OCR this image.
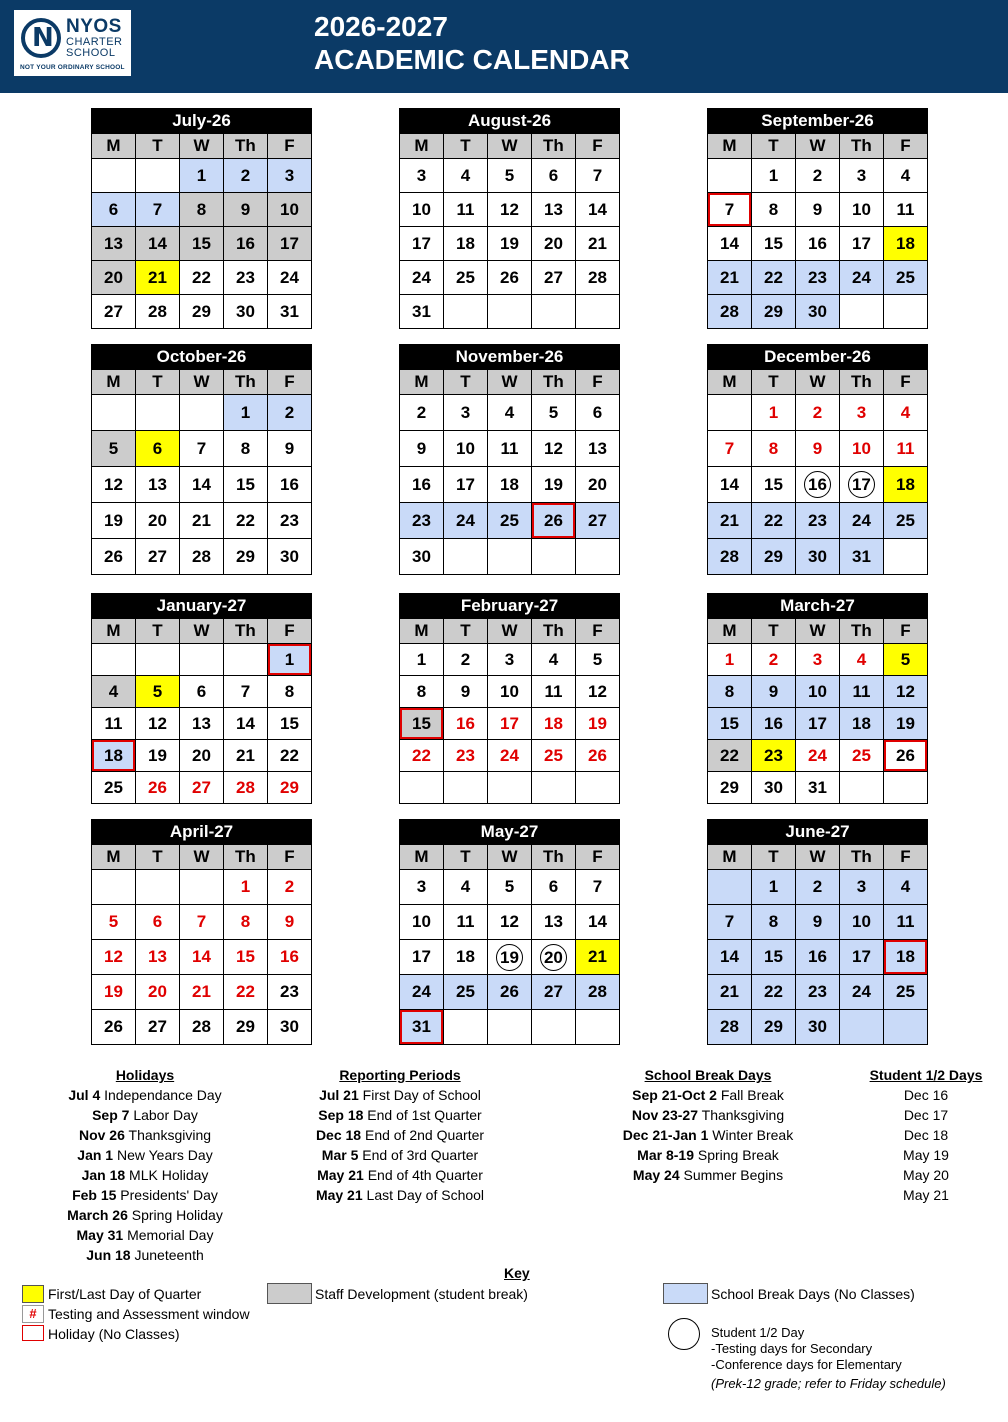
N NYOS
CHARTER
SCHOOL
NOT YOUR ORDINARY SCHOOL
2026-2027
ACADEMIC CALENDAR
July-26				
M	T	W	Th	F
		1	2	3
6	7	8	9	10
13	14	15	16	17
20	21	22	23	24
27	28	29	30	31
August-26				
M	T	W	Th	F
3	4	5	6	7
10	11	12	13	14
17	18	19	20	21
24	25	26	27	28
31				
September-26				
M	T	W	Th	F
	1	2	3	4
7	8	9	10	11
14	15	16	17	18
21	22	23	24	25
28	29	30		
October-26				
M	T	W	Th	F
			1	2
5	6	7	8	9
12	13	14	15	16
19	20	21	22	23
26	27	28	29	30
November-26				
M	T	W	Th	F
2	3	4	5	6
9	10	11	12	13
16	17	18	19	20
23	24	25	26	27
30				
December-26				
M	T	W	Th	F
	1	2	3	4
7	8	9	10	11
14	15	16	17	18
21	22	23	24	25
28	29	30	31	
January-27				
M	T	W	Th	F
				1
4	5	6	7	8
11	12	13	14	15
18	19	20	21	22
25	26	27	28	29
February-27				
M	T	W	Th	F
1	2	3	4	5
8	9	10	11	12
15	16	17	18	19
22	23	24	25	26

March-27				
M	T	W	Th	F
1	2	3	4	5
8	9	10	11	12
15	16	17	18	19
22	23	24	25	26
29	30	31		
April-27				
M	T	W	Th	F
			1	2
5	6	7	8	9
12	13	14	15	16
19	20	21	22	23
26	27	28	29	30
May-27				
M	T	W	Th	F
3	4	5	6	7
10	11	12	13	14
17	18	19	20	21
24	25	26	27	28
31				
June-27				
M	T	W	Th	F
	1	2	3	4
7	8	9	10	11
14	15	16	17	18
21	22	23	24	25
28	29	30		
Holidays
Jul 4 Independance Day
Sep 7 Labor Day
Nov 26 Thanksgiving
Jan 1 New Years Day
Jan 18 MLK Holiday
Feb 15 Presidents' Day
March 26 Spring Holiday
May 31 Memorial Day
Jun 18 Juneteenth
Reporting Periods
Jul 21 First Day of School
Sep 18 End of 1st Quarter
Dec 18 End of 2nd Quarter
Mar 5 End of 3rd Quarter
May 21 End of 4th Quarter
May 21 Last Day of School
School Break Days
Sep 21-Oct 2 Fall Break
Nov 23-27 Thanksgiving
Dec 21-Jan 1 Winter Break
Mar 8-19 Spring Break
May 24 Summer Begins
Student 1/2 Days
Dec 16
Dec 17
Dec 18
May 19
May 20
May 21
Key
First/Last Day of Quarter
# Testing and Assessment window
Holiday (No Classes)
Staff Development (student break)	School Break Days (No Classes)
Student 1/2 Day
-Testing days for Secondary
-Conference days for Elementary
(Prek-12 grade; refer to Friday schedule)
